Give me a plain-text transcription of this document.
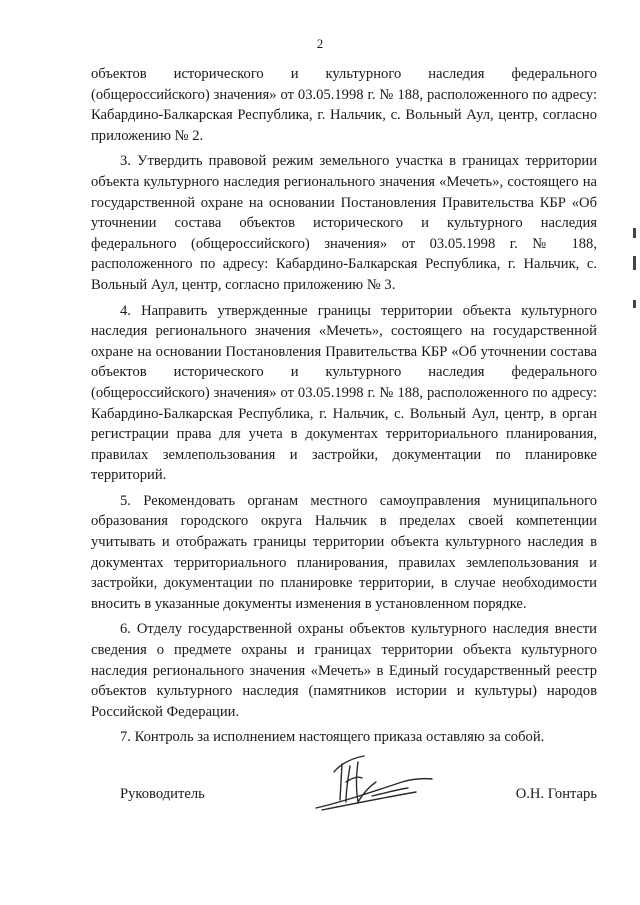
2

объектов исторического и культурного наследия федерального (общероссийского) значения» от 03.05.1998 г. № 188, расположенного по адресу: Кабардино-Балкарская Республика, г. Нальчик, с. Вольный Аул, центр, согласно приложению № 2.

3. Утвердить правовой режим земельного участка в границах территории объекта культурного наследия регионального значения «Мечеть», состоящего на государственной охране на основании Постановления Правительства КБР «Об уточнении состава объектов исторического и культурного наследия федерального (общероссийского) значения» от 03.05.1998 г. № 188, расположенного по адресу: Кабардино-Балкарская Республика, г. Нальчик, с. Вольный Аул, центр, согласно приложению № 3.

4. Направить утвержденные границы территории объекта культурного наследия регионального значения «Мечеть», состоящего на государственной охране на основании Постановления Правительства КБР «Об уточнении состава объектов исторического и культурного наследия федерального (общероссийского) значения» от 03.05.1998 г. № 188, расположенного по адресу: Кабардино-Балкарская Республика, г. Нальчик, с. Вольный Аул, центр, в орган регистрации права для учета в документах территориального планирования, правилах землепользования и застройки, документации по планировке территорий.

5. Рекомендовать органам местного самоуправления муниципального образования городского округа Нальчик в пределах своей компетенции учитывать и отображать границы территории объекта культурного наследия в документах территориального планирования, правилах землепользования и застройки, документации по планировке территории, в случае необходимости вносить в указанные документы изменения в установленном порядке.

6. Отделу государственной охраны объектов культурного наследия внести сведения о предмете охраны и границах территории объекта культурного наследия регионального значения «Мечеть» в Единый государственный реестр объектов культурного наследия (памятников истории и культуры) народов Российской Федерации.

7. Контроль за исполнением настоящего приказа оставляю за собой.

Руководитель	О.Н. Гонтарь
